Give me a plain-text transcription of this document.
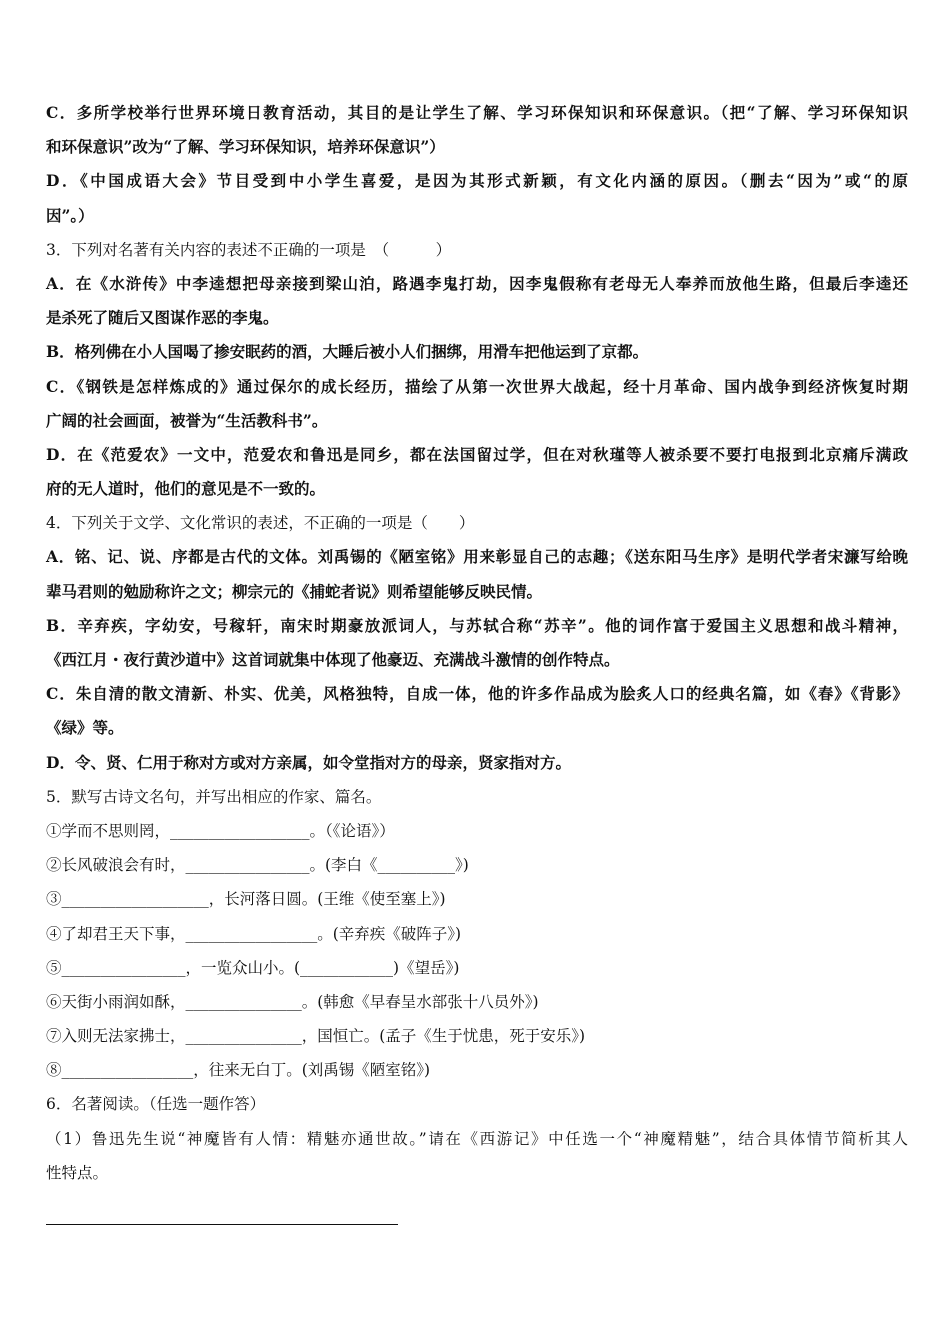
C．多所学校举行世界环境日教育活动，其目的是让学生了解、学习环保知识和环保意识。（把“了解、学习环保知识
和环保意识”改为“了解、学习环保知识，培养环保意识”）
D．《中国成语大会》节目受到中小学生喜爱，是因为其形式新颖，有文化内涵的原因。（删去“因为”或“的原
因”。）
3．下列对名著有关内容的表述不正确的一项是　（　　　）
A．在《水浒传》中李逵想把母亲接到梁山泊，路遇李鬼打劫，因李鬼假称有老母无人奉养而放他生路，但最后李逵还
是杀死了随后又图谋作恶的李鬼。
B．格列佛在小人国喝了掺安眠药的酒，大睡后被小人们捆绑，用滑车把他运到了京都。
C．《钢铁是怎样炼成的》通过保尔的成长经历，描绘了从第一次世界大战起，经十月革命、国内战争到经济恢复时期
广阔的社会画面，被誉为“生活教科书”。
D．在《范爱农》一文中，范爱农和鲁迅是同乡，都在法国留过学，但在对秋瑾等人被杀要不要打电报到北京痛斥满政
府的无人道时，他们的意见是不一致的。
4．下列关于文学、文化常识的表述，不正确的一项是（　　）
A．铭、记、说、序都是古代的文体。刘禹锡的《陋室铭》用来彰显自己的志趣；《送东阳马生序》是明代学者宋濂写给晚
辈马君则的勉励称许之文；柳宗元的《捕蛇者说》则希望能够反映民情。
B．辛弃疾，字幼安，号稼轩，南宋时期豪放派词人，与苏轼合称“苏辛”。他的词作富于爱国主义思想和战斗精神，
《西江月・夜行黄沙道中》这首词就集中体现了他豪迈、充满战斗激情的创作特点。
C．朱自清的散文清新、朴实、优美，风格独特，自成一体，他的许多作品成为脍炙人口的经典名篇，如《春》《背影》
《绿》等。
D．令、贤、仁用于称对方或对方亲属，如令堂指对方的母亲，贤家指对方。
5．默写古诗文名句，并写出相应的作家、篇名。
①学而不思则罔，__________________。（《论语》）
②长风破浪会有时，________________。(李白《__________》)
③___________________，长河落日圆。(王维《使至塞上》)
④了却君王天下事，_________________。(辛弃疾《破阵子》)
⑤________________，一览众山小。(____________)《望岳》)
⑥天街小雨润如酥，_______________。(韩愈《早春呈水部张十八员外》)
⑦入则无法家拂士，_______________，国恒亡。(孟子《生于忧患，死于安乐》)
⑧_________________，往来无白丁。(刘禹锡《陋室铭》)
6．名著阅读。（任选一题作答）
（1）鲁迅先生说“神魔皆有人情：精魅亦通世故。”请在《西游记》中任选一个“神魔精魅”，结合具体情节简析其人
性特点。
